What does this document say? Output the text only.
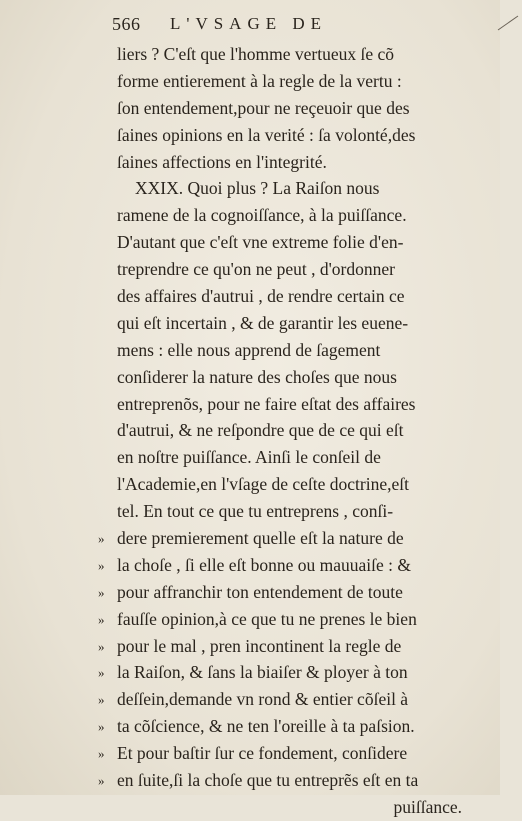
566 L'VSAGE DE
liers ? C'eſt que l'homme vertueux ſe cõ
forme entierement à la regle de la vertu :
ſon entendement,pour ne reçeuoir que des
ſaines opinions en la verité : ſa volonté,des
ſaines affections en l'integrité.
XXIX. Quoi plus ? La Raiſon nous
ramene de la cognoiſſance, à la puiſſance.
D'autant que c'eſt vne extreme folie d'en-
treprendre ce qu'on ne peut , d'ordonner
des affaires d'autrui , de rendre certain ce
qui eſt incertain , & de garantir les euene-
mens : elle nous apprend de ſagement
conſiderer la nature des choſes que nous
entreprenõs, pour ne faire eſtat des affaires
d'autrui, & ne reſpondre que de ce qui eſt
en noſtre puiſſance. Ainſi le conſeil de
l'Academie,en l'vſage de ceſte doctrine,eſt
tel. En tout ce que tu entreprens , conſi-
» dere premierement quelle eſt la nature de
» la choſe , ſi elle eſt bonne ou mauuaiſe : &
» pour affranchir ton entendement de toute
» fauſſe opinion,à ce que tu ne prenes le bien
» pour le mal , pren incontinent la regle de
» la Raiſon, & ſans la biaiſer & ployer à ton
» deſſein,demande vn rond & entier cõſeil à
» ta cõſcience, & ne ten l'oreille à ta paſsion.
» Et pour baſtir ſur ce fondement, conſidere
» en ſuite,ſi la choſe que tu entreprẽs eſt en ta
puiſſance.
